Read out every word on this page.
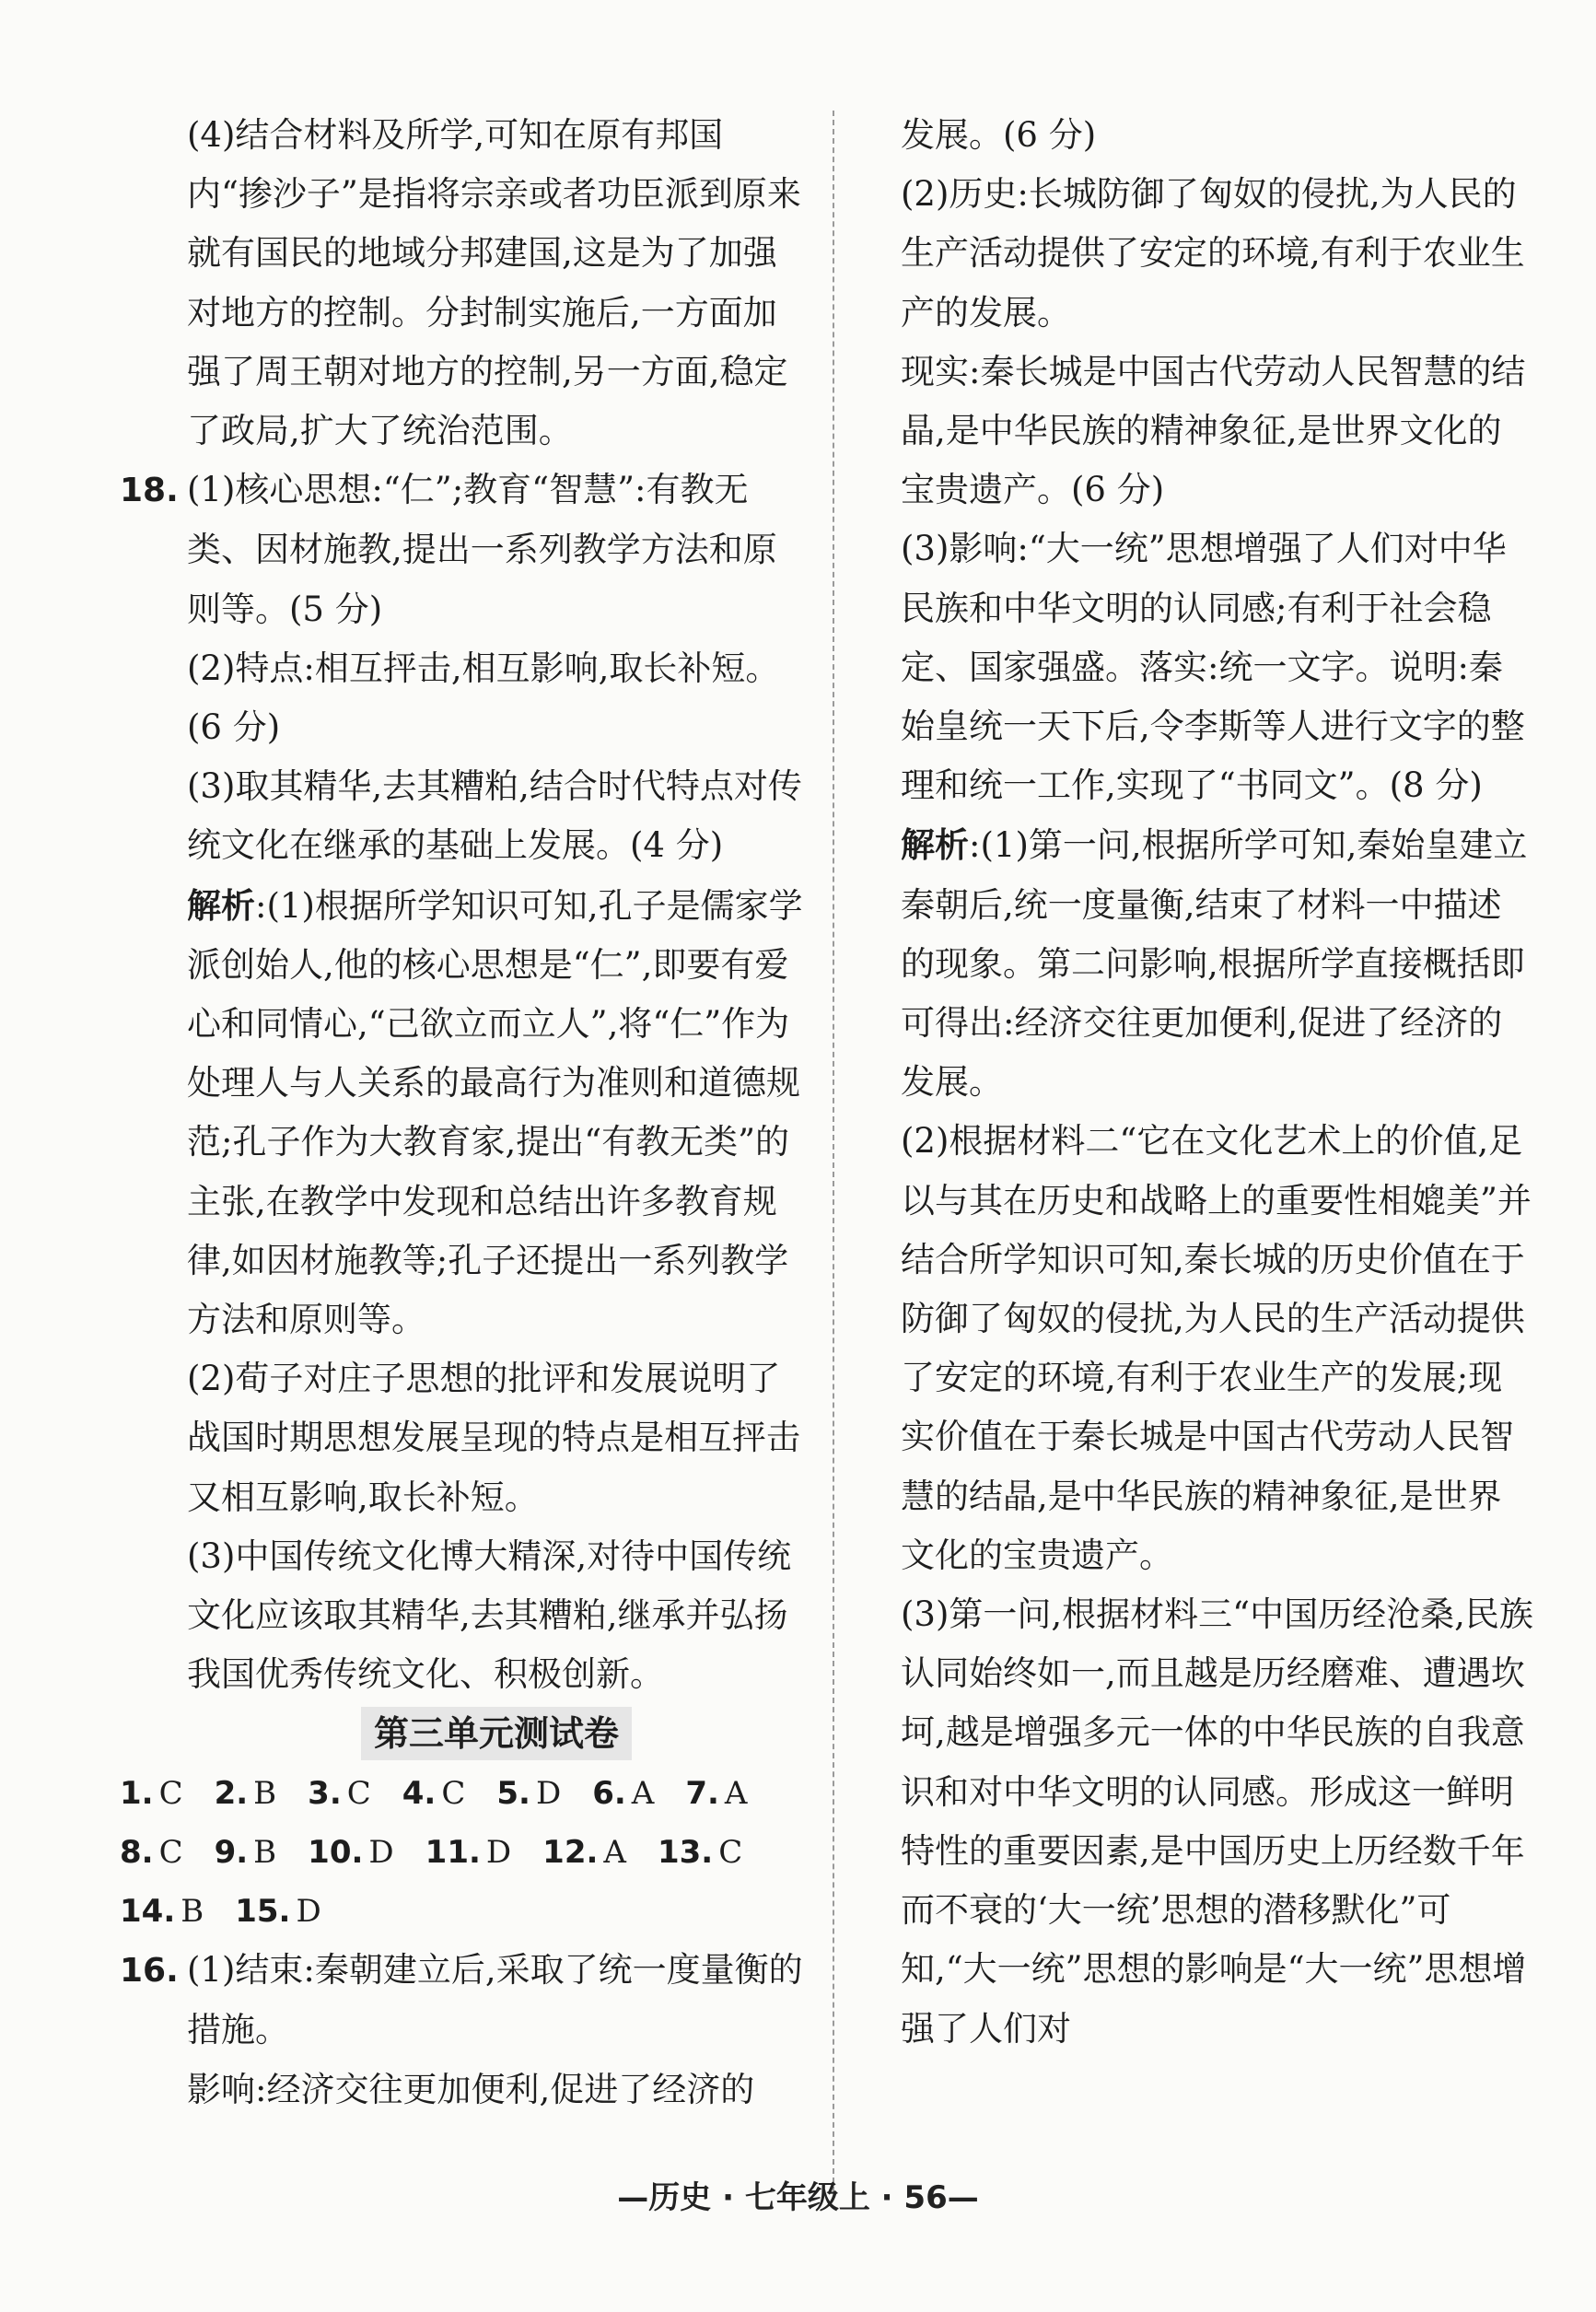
(4)结合材料及所学,可知在原有邦国内“掺沙子”是指将宗亲或者功臣派到原来就有国民的地域分邦建国,这是为了加强对地方的控制。分封制实施后,一方面加强了周王朝对地方的控制,另一方面,稳定了政局,扩大了统治范围。

18. (1)核心思想:“仁”;教育“智慧”:有教无类、因材施教,提出一系列教学方法和原则等。(5 分)

(2)特点:相互抨击,相互影响,取长补短。(6 分)

(3)取其精华,去其糟粕,结合时代特点对传统文化在继承的基础上发展。(4 分)

解析:(1)根据所学知识可知,孔子是儒家学派创始人,他的核心思想是“仁”,即要有爱心和同情心,“己欲立而立人”,将“仁”作为处理人与人关系的最高行为准则和道德规范;孔子作为大教育家,提出“有教无类”的主张,在教学中发现和总结出许多教育规律,如因材施教等;孔子还提出一系列教学方法和原则等。

(2)荀子对庄子思想的批评和发展说明了战国时期思想发展呈现的特点是相互抨击又相互影响,取长补短。

(3)中国传统文化博大精深,对待中国传统文化应该取其精华,去其糟粕,继承并弘扬我国优秀传统文化、积极创新。

第三单元测试卷
1. C 2. B 3. C 4. C 5. D 6. A 7. A
8. C 9. B 10. D 11. D 12. A 13. C
14. B 15. D

16. (1)结束:秦朝建立后,采取了统一度量衡的措施。

影响:经济交往更加便利,促进了经济的

发展。(6 分)

(2)历史:长城防御了匈奴的侵扰,为人民的生产活动提供了安定的环境,有利于农业生产的发展。

现实:秦长城是中国古代劳动人民智慧的结晶,是中华民族的精神象征,是世界文化的宝贵遗产。(6 分)

(3)影响:“大一统”思想增强了人们对中华民族和中华文明的认同感;有利于社会稳定、国家强盛。落实:统一文字。说明:秦始皇统一天下后,令李斯等人进行文字的整理和统一工作,实现了“书同文”。(8 分)

解析:(1)第一问,根据所学可知,秦始皇建立秦朝后,统一度量衡,结束了材料一中描述的现象。第二问影响,根据所学直接概括即可得出:经济交往更加便利,促进了经济的发展。

(2)根据材料二“它在文化艺术上的价值,足以与其在历史和战略上的重要性相媲美”并结合所学知识可知,秦长城的历史价值在于防御了匈奴的侵扰,为人民的生产活动提供了安定的环境,有利于农业生产的发展;现实价值在于秦长城是中国古代劳动人民智慧的结晶,是中华民族的精神象征,是世界文化的宝贵遗产。

(3)第一问,根据材料三“中国历经沧桑,民族认同始终如一,而且越是历经磨难、遭遇坎坷,越是增强多元一体的中华民族的自我意识和对中华文明的认同感。形成这一鲜明特性的重要因素,是中国历史上历经数千年而不衰的‘大一统’思想的潜移默化”可知,“大一统”思想的影响是“大一统”思想增强了人们对

—历史 · 七年级上 · 56—
